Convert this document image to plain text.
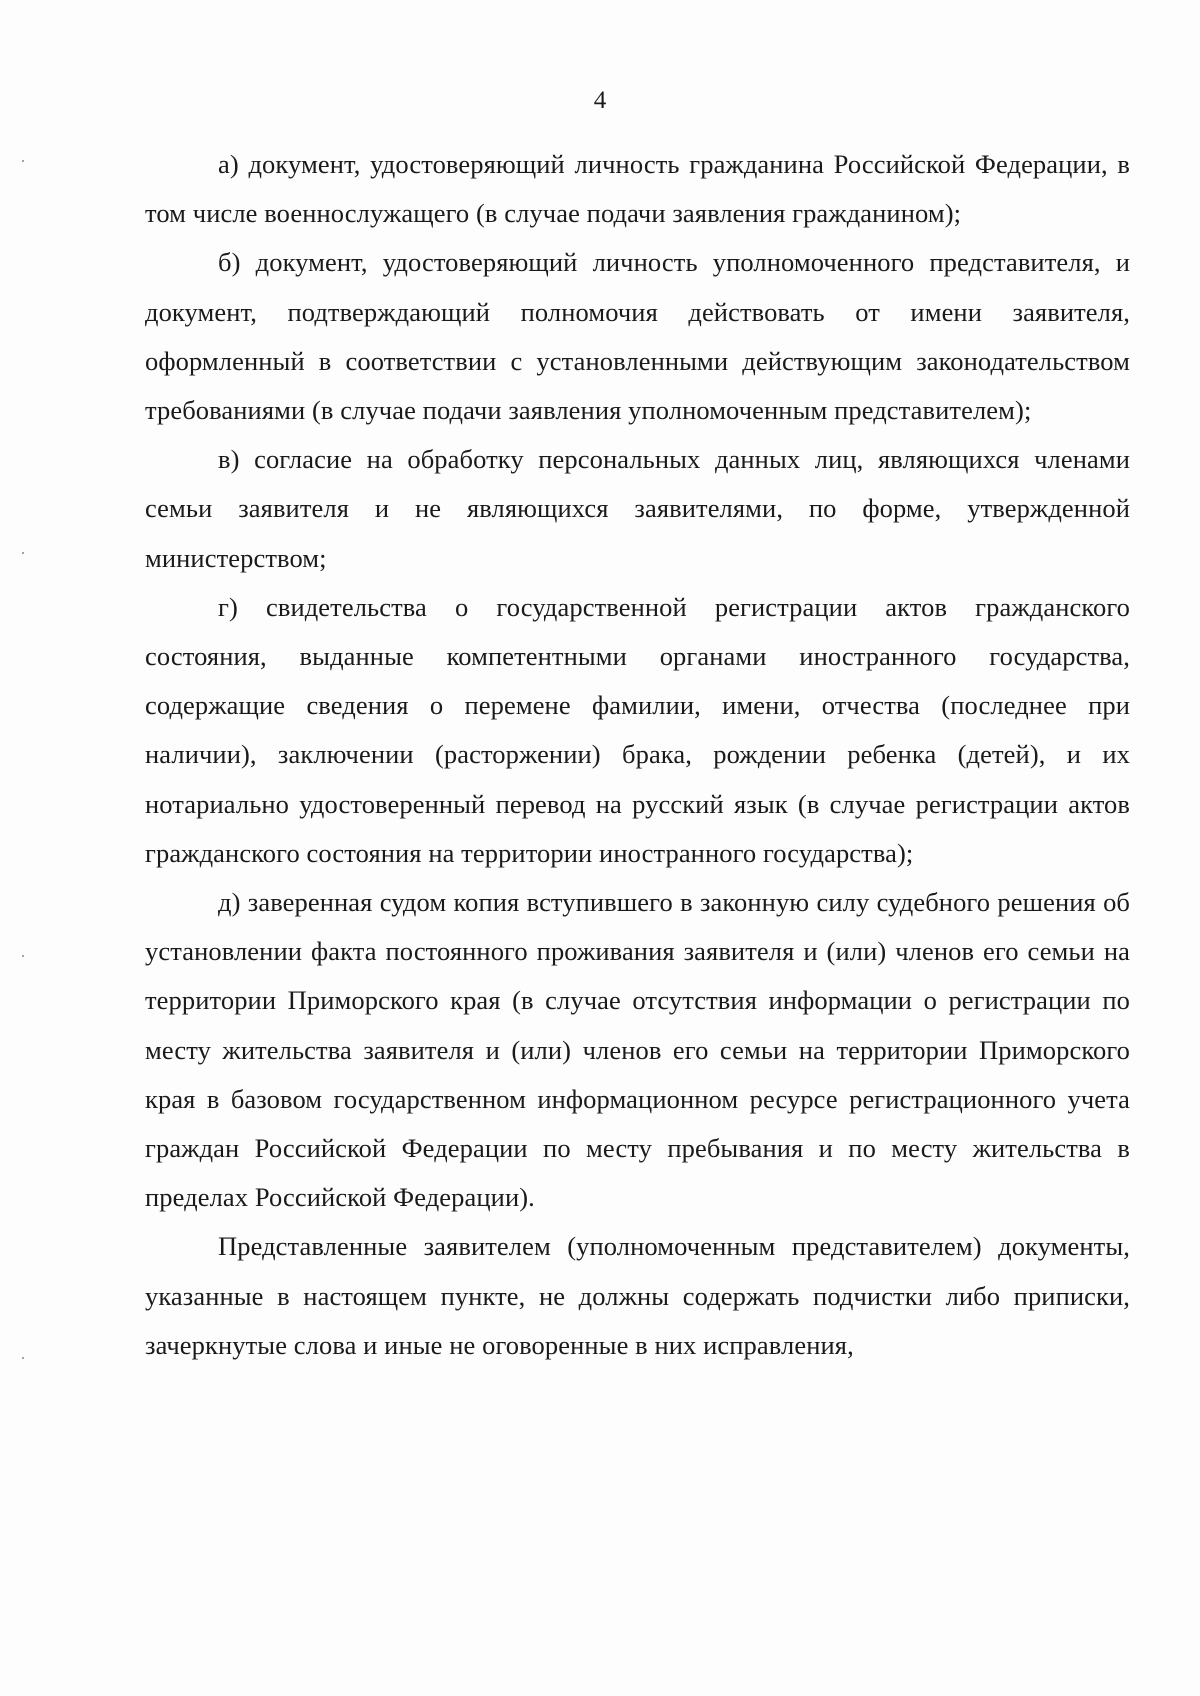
4

а) документ, удостоверяющий личность гражданина Российской Федерации, в том числе военнослужащего (в случае подачи заявления гражданином);

б) документ, удостоверяющий личность уполномоченного представителя, и документ, подтверждающий полномочия действовать от имени заявителя, оформленный в соответствии с установленными действующим законодательством требованиями (в случае подачи заявления уполномоченным представителем);

в) согласие на обработку персональных данных лиц, являющихся членами семьи заявителя и не являющихся заявителями, по форме, утвержденной министерством;

г) свидетельства о государственной регистрации актов гражданского состояния, выданные компетентными органами иностранного государства, содержащие сведения о перемене фамилии, имени, отчества (последнее при наличии), заключении (расторжении) брака, рождении ребенка (детей), и их нотариально удостоверенный перевод на русский язык (в случае регистрации актов гражданского состояния на территории иностранного государства);

д) заверенная судом копия вступившего в законную силу судебного решения об установлении факта постоянного проживания заявителя и (или) членов его семьи на территории Приморского края (в случае отсутствия информации о регистрации по месту жительства заявителя и (или) членов его семьи на территории Приморского края в базовом государственном информационном ресурсе регистрационного учета граждан Российской Федерации по месту пребывания и по месту жительства в пределах Российской Федерации).

Представленные заявителем (уполномоченным представителем) документы, указанные в настоящем пункте, не должны содержать подчистки либо приписки, зачеркнутые слова и иные не оговоренные в них исправления,
